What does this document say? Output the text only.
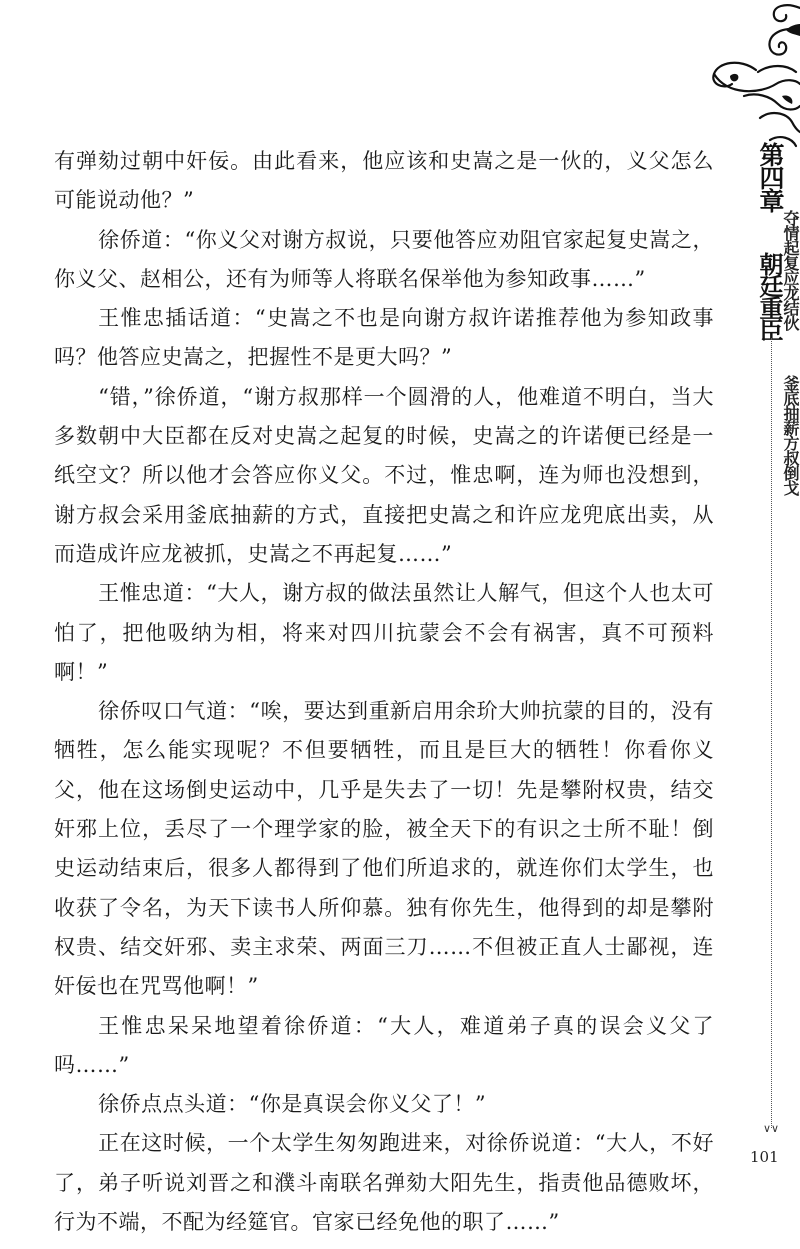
第四章
夺情起复应龙结伙
朝廷重臣
釜底抽薪方叔倒戈
∨∨

有弹劾过朝中奸佞。由此看来，他应该和史嵩之是一伙的，义父怎么可能说动他？”

徐侨道：“你义父对谢方叔说，只要他答应劝阻官家起复史嵩之，你义父、赵相公，还有为师等人将联名保举他为参知政事……”

王惟忠插话道：“史嵩之不也是向谢方叔许诺推荐他为参知政事吗？他答应史嵩之，把握性不是更大吗？”

“错，”徐侨道，“谢方叔那样一个圆滑的人，他难道不明白，当大多数朝中大臣都在反对史嵩之起复的时候，史嵩之的许诺便已经是一纸空文？所以他才会答应你义父。不过，惟忠啊，连为师也没想到，谢方叔会采用釜底抽薪的方式，直接把史嵩之和许应龙兜底出卖，从而造成许应龙被抓，史嵩之不再起复……”

王惟忠道：“大人，谢方叔的做法虽然让人解气，但这个人也太可怕了，把他吸纳为相，将来对四川抗蒙会不会有祸害，真不可预料啊！”

徐侨叹口气道：“唉，要达到重新启用余玠大帅抗蒙的目的，没有牺牲，怎么能实现呢？不但要牺牲，而且是巨大的牺牲！你看你义父，他在这场倒史运动中，几乎是失去了一切！先是攀附权贵，结交奸邪上位，丢尽了一个理学家的脸，被全天下的有识之士所不耻！倒史运动结束后，很多人都得到了他们所追求的，就连你们太学生，也收获了令名，为天下读书人所仰慕。独有你先生，他得到的却是攀附权贵、结交奸邪、卖主求荣、两面三刀……不但被正直人士鄙视，连奸佞也在咒骂他啊！”

王惟忠呆呆地望着徐侨道：“大人，难道弟子真的误会义父了吗……”

徐侨点点头道：“你是真误会你义父了！”

正在这时候，一个太学生匆匆跑进来，对徐侨说道：“大人，不好了，弟子听说刘晋之和濮斗南联名弹劾大阳先生，指责他品德败坏，行为不端，不配为经筵官。官家已经免他的职了……”

101
